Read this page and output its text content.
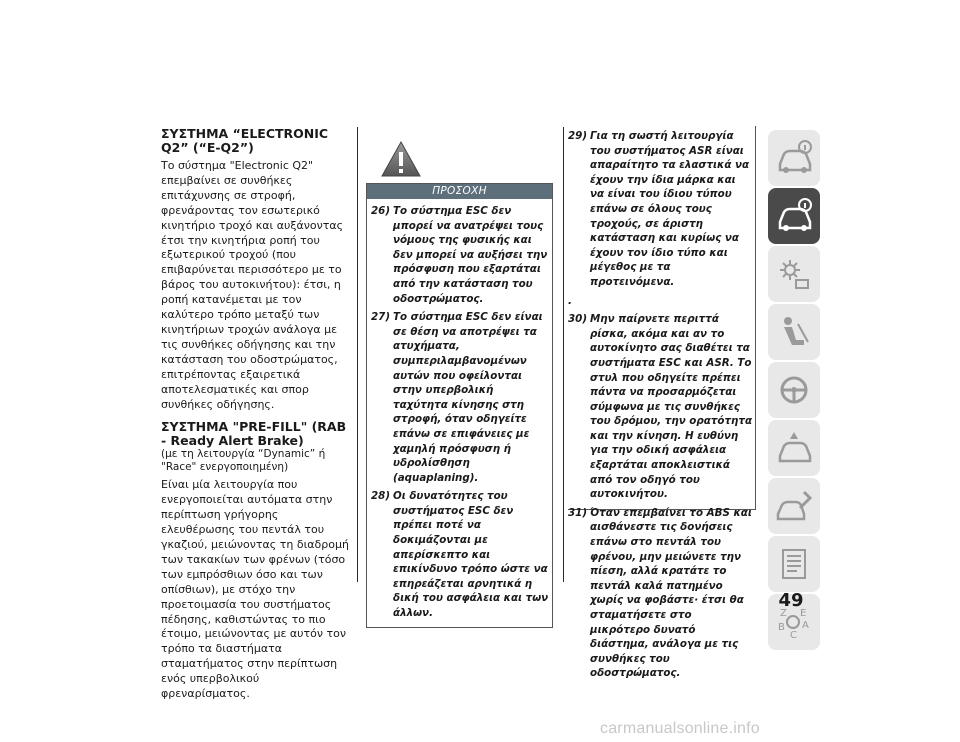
ΣΥΣΤΗΜΑ “ELECTRONIC Q2” (“E-Q2”)

Το σύστημα "Electronic Q2" επεμβαίνει σε συνθήκες επιτάχυνσης σε στροφή, φρενάροντας τον εσωτερικό κινητήριο τροχό και αυξάνοντας έτσι την κινητήρια ροπή του εξωτερικού τροχού (που επιβαρύνεται περισσότερο με το βάρος του αυτοκινήτου): έτσι, η ροπή κατανέμεται με τον καλύτερο τρόπο μεταξύ των κινητήριων τροχών ανάλογα με τις συνθήκες οδήγησης και την κατάσταση του οδοστρώματος, επιτρέποντας εξαιρετικά αποτελεσματικές και σπορ συνθήκες οδήγησης.

ΣΥΣΤΗΜΑ "PRE-FILL" (RAB - Ready Alert Brake)

(με τη λειτουργία “Dynamic” ή "Race" ενεργοποιημένη)

Είναι μία λειτουργία που ενεργοποιείται αυτόματα στην περίπτωση γρήγορης ελευθέρωσης του πεντάλ του γκαζιού, μειώνοντας τη διαδρομή των τακακίων των φρένων (τόσο των εμπρόσθιων όσο και των οπίσθιων), με στόχο την προετοιμασία του συστήματος πέδησης, καθιστώντας το πιο έτοιμο, μειώνοντας με αυτόν τον τρόπο τα διαστήματα σταματήματος στην περίπτωση ενός υπερβολικού φρεναρίσματος.

ΠΡΟΣΟΧΗ
26) Το σύστημα ESC δεν μπορεί να ανατρέψει τους νόμους της φυσικής και δεν μπορεί να αυξήσει την πρόσφυση που εξαρτάται από την κατάσταση του οδοστρώματος.
27) Το σύστημα ESC δεν είναι σε θέση να αποτρέψει τα ατυχήματα, συμπεριλαμβανομένων αυτών που οφείλονται στην υπερβολική ταχύτητα κίνησης στη στροφή, όταν οδηγείτε επάνω σε επιφάνειες με χαμηλή πρόσφυση ή υδρολίσθηση (aquaplaning).
28) Οι δυνατότητες του συστήματος ESC δεν πρέπει ποτέ να δοκιμάζονται με απερίσκεπτο και επικίνδυνο τρόπο ώστε να επηρεάζεται αρνητικά η δική του ασφάλεια και των άλλων.
29) Για τη σωστή λειτουργία του συστήματος ASR είναι απαραίτητο τα ελαστικά να έχουν την ίδια μάρκα και να είναι του ίδιου τύπου επάνω σε όλους τους τροχούς, σε άριστη κατάσταση και κυρίως να έχουν τον ίδιο τύπο και μέγεθος με τα προτεινόμενα.
.
30) Μην παίρνετε περιττά ρίσκα, ακόμα και αν το αυτοκίνητο σας διαθέτει τα συστήματα ESC και ASR. Το στυλ που οδηγείτε πρέπει πάντα να προσαρμόζεται σύμφωνα με τις συνθήκες του δρόμου, την ορατότητα και την κίνηση. Η ευθύνη για την οδική ασφάλεια εξαρτάται αποκλειστικά από τον οδηγό του αυτοκινήτου.
31) Όταν επεμβαίνει το ABS και αισθάνεστε τις δονήσεις επάνω στο πεντάλ του φρένου, μην μειώνετε την πίεση, αλλά κρατάτε το πεντάλ καλά πατημένο χωρίς να φοβάστε· έτσι θα σταματήσετε στο μικρότερο δυνατό διάστημα, ανάλογα με τις συνθήκες του οδοστρώματος.
Z E
A
B
C
49
carmanualsonline.info
